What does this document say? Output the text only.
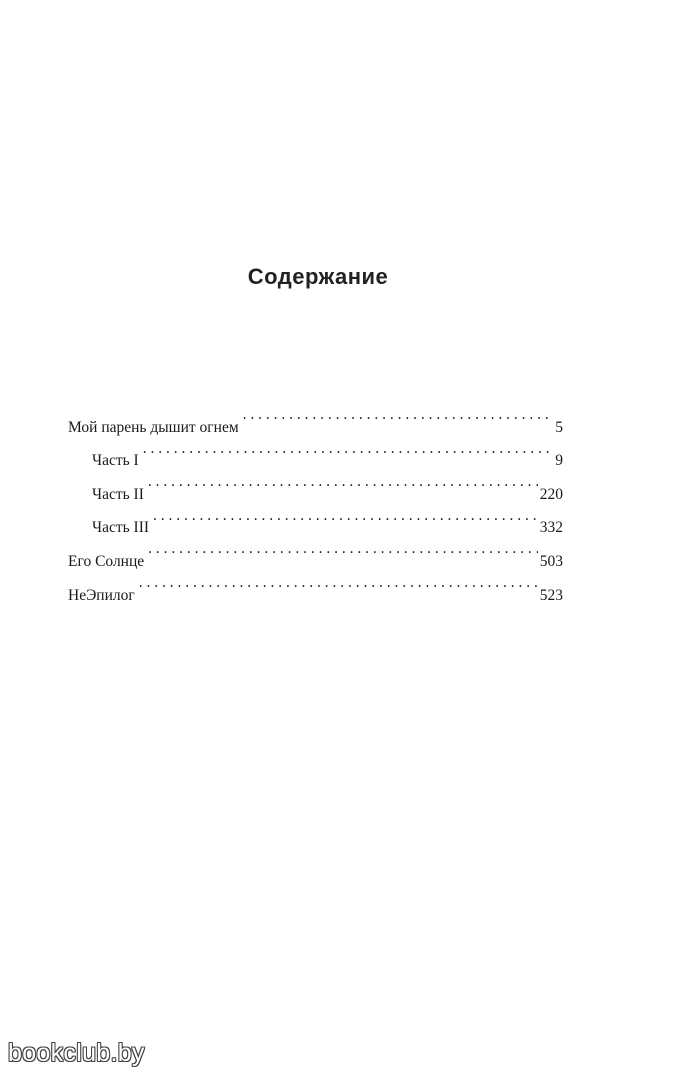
Содержание
Мой парень дышит огнем . . .	5
Часть I . . .	9
Часть II . . .	220
Часть III . . .	332
Его Солнце . . .	503
НеЭпилог . . .	523
bookclub.by
